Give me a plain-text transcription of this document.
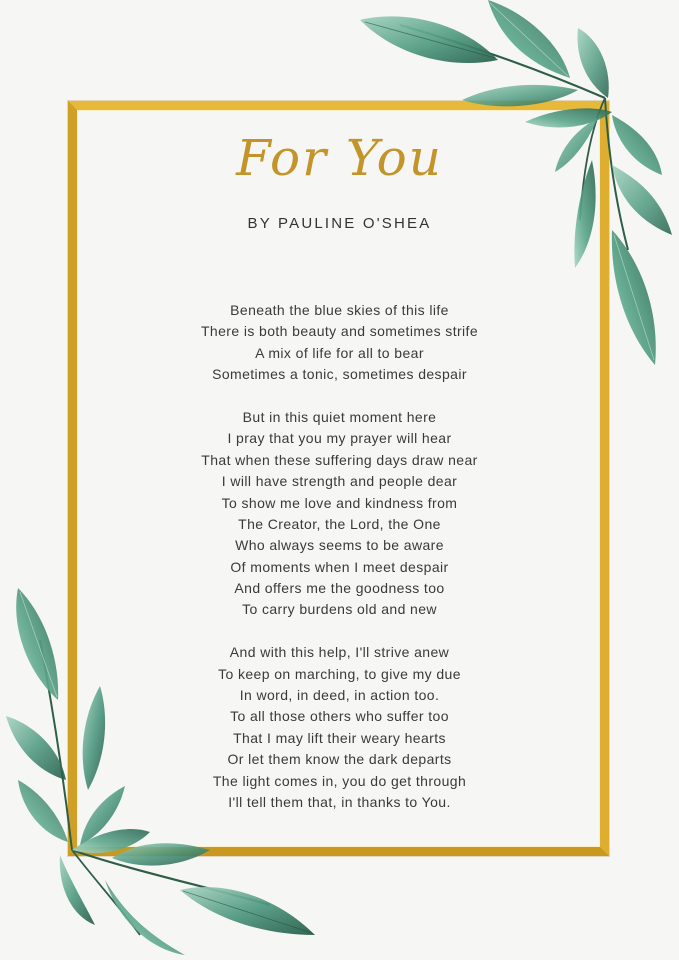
For You
BY PAULINE O'SHEA
Beneath the blue skies of this life
There is both beauty and sometimes strife
A mix of life for all to bear
Sometimes a tonic, sometimes despair
But in this quiet moment here
I pray that you my prayer will hear
That when these suffering days draw near
I will have strength and people dear
To show me love and kindness from
The Creator, the Lord, the One
Who always seems to be aware
Of moments when I meet despair
And offers me the goodness too
To carry burdens old and new
And with this help, I'll strive anew
To keep on marching, to give my due
In word, in deed, in action too.
To all those others who suffer too
That I may lift their weary hearts
Or let them know the dark departs
The light comes in, you do get through
I'll tell them that, in thanks to You.
